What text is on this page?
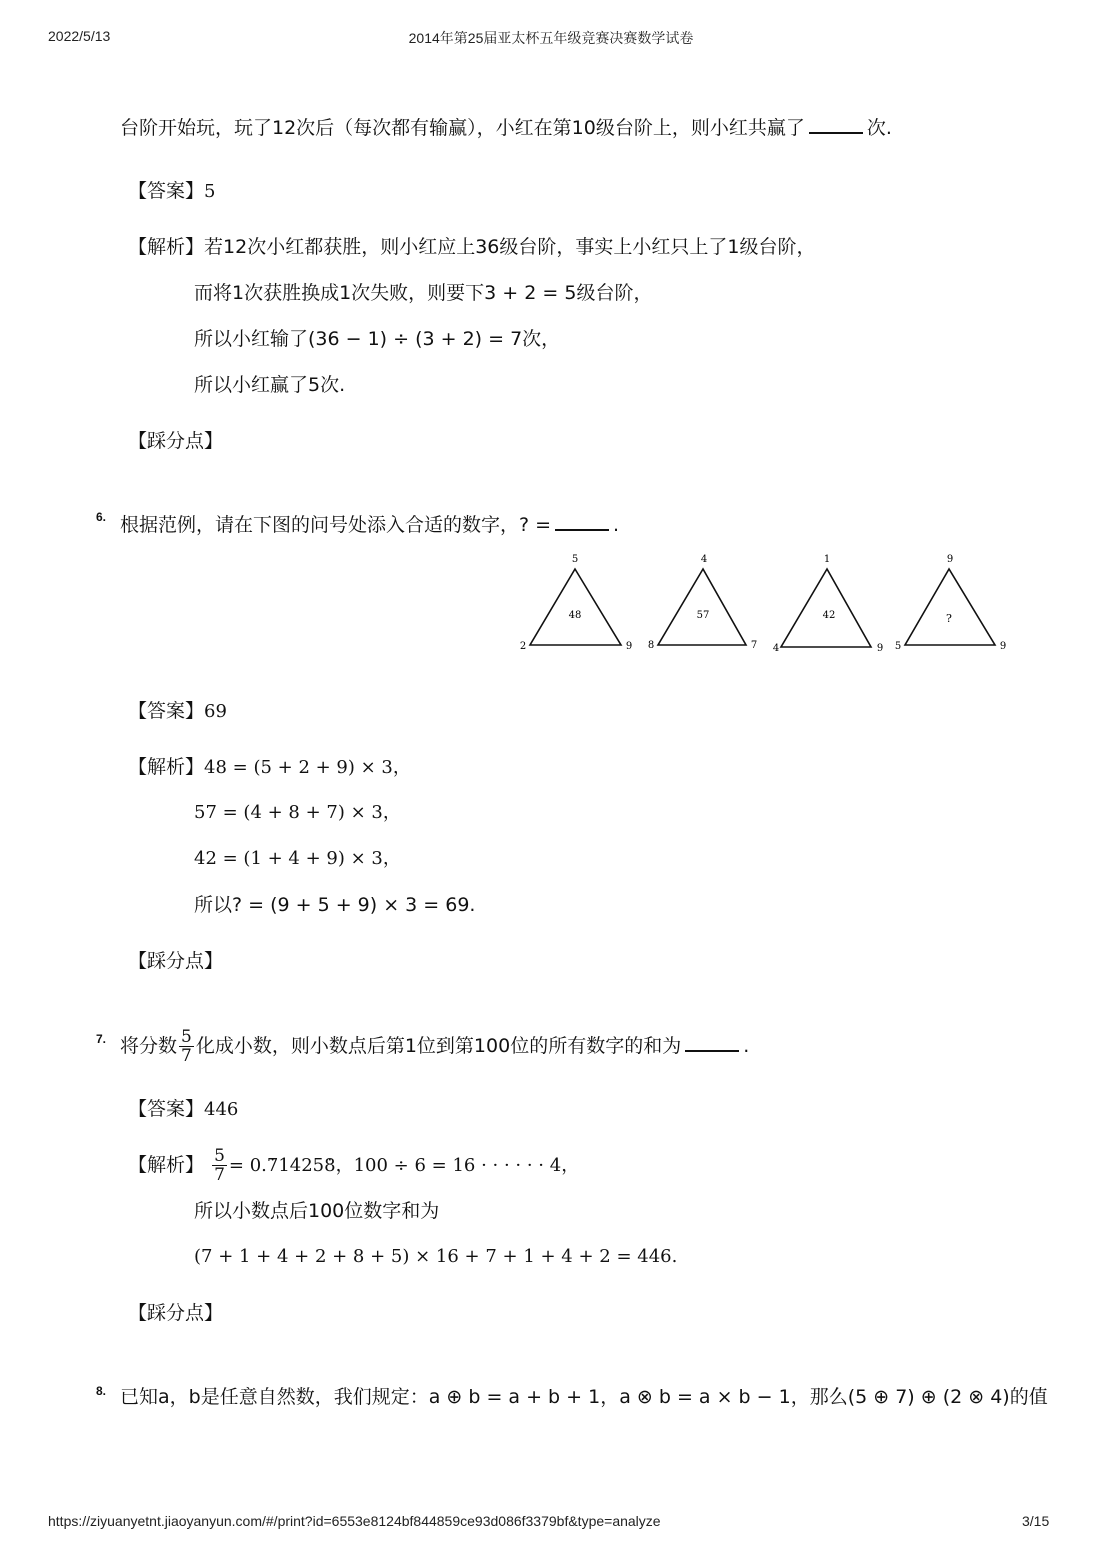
2022/5/13	2014年第25届亚太杯五年级竞赛决赛数学试卷
台阶开始玩，玩了12次后（每次都有输赢），小红在第10级台阶上，则小红共赢了	次.
【答案】5
【解析】若12次小红都获胜，则小红应上36级台阶，事实上小红只上了1级台阶，
而将1次获胜换成1次失败，则要下3 + 2 = 5级台阶，
所以小红输了(36 − 1) ÷ (3 + 2) = 7次，
所以小红赢了5次.
【踩分点】
6. 根据范例，请在下图的问号处添入合适的数字，? =	.
5
2	9
48
4
8	7
57
1
4	9
42
9
5	9
?
【答案】69
【解析】48 = (5 + 2 + 9) × 3，
57 = (4 + 8 + 7) × 3，
42 = (1 + 4 + 9) × 3，
所以? = (9 + 5 + 9) × 3 = 69.
【踩分点】
7. 将分数 $\frac{5}{7}$ 化成小数，则小数点后第1位到第100位的所有数字的和为	.
【答案】446
【解析】 $\frac{5}{7}$ = 0.˙ 71425˙ 8，100 ÷ 6 = 16 · · · · · · 4，
所以小数点后100位数字和为
(7 + 1 + 4 + 2 + 8 + 5) × 16 + 7 + 1 + 4 + 2 = 446.
【踩分点】
8. 已知a，b是任意自然数，我们规定：a ⊕ b = a + b + 1，a ⊗ b = a × b − 1，那么(5 ⊕ 7) ⊕ (2 ⊗ 4)的值
https://ziyuanyetnt.jiaoyanyun.com/#/print?id=6553e8124bf844859ce93d086f3379bf&type=analyze	3/15
